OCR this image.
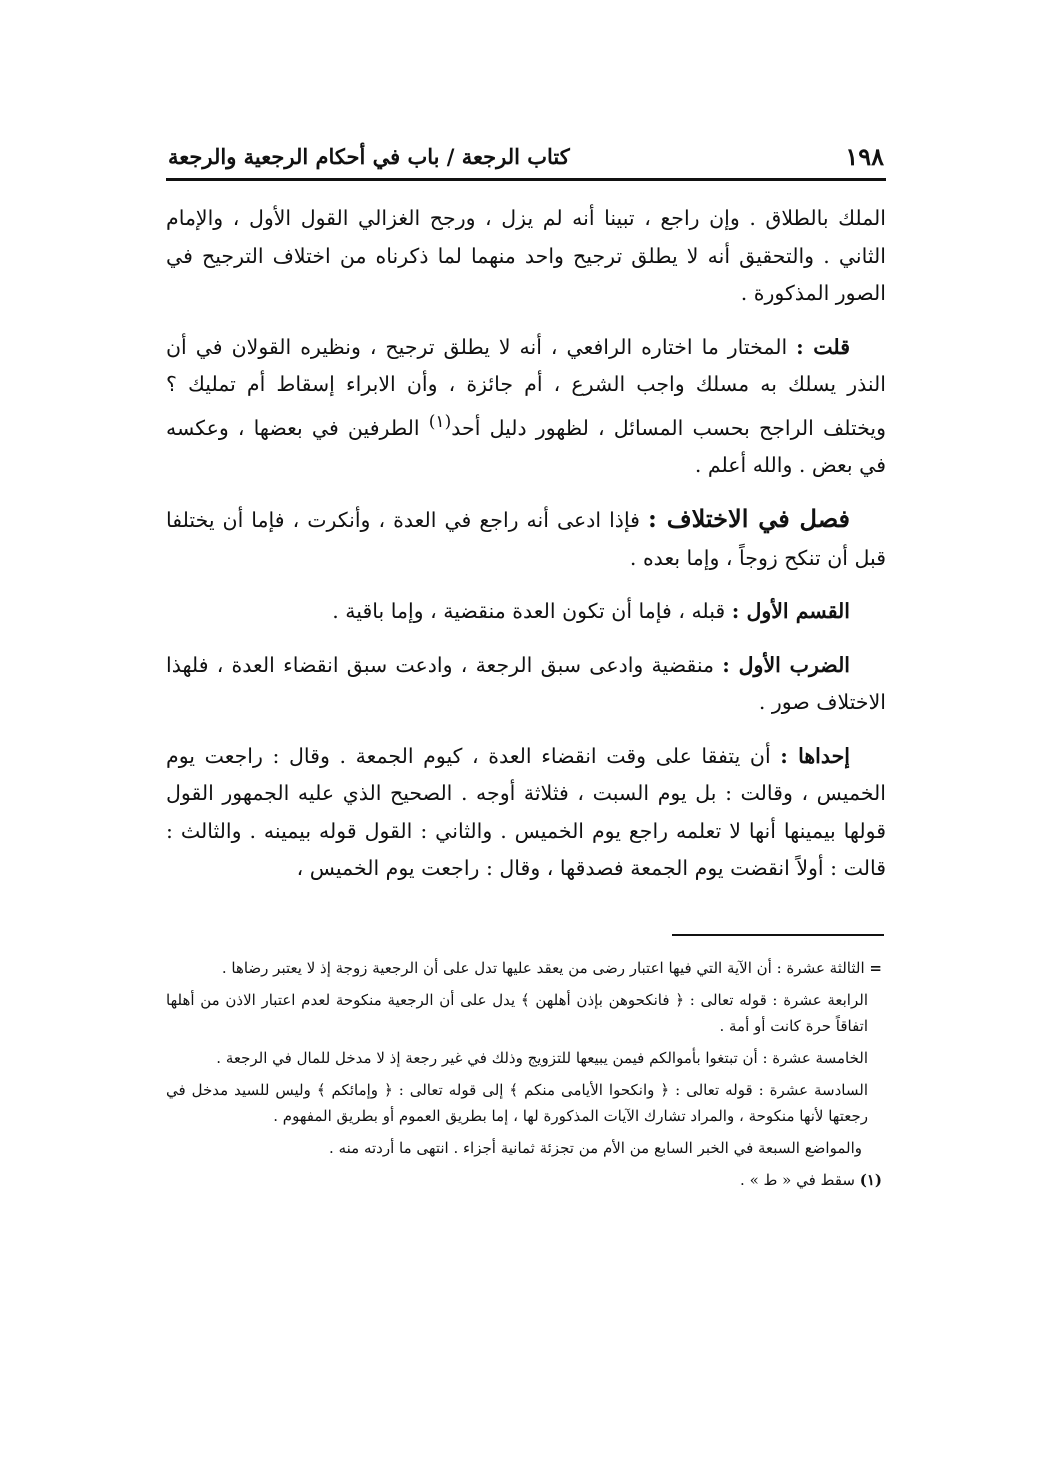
١٩٨
كتاب الرجعة / باب في أحكام الرجعية والرجعة

الملك بالطلاق . وإن راجع ، تبينا أنه لم يزل ، ورجح الغزالي القول الأول ، والإمام الثاني . والتحقيق أنه لا يطلق ترجيح واحد منهما لما ذكرناه من اختلاف الترجيح في الصور المذكورة .

قلت : المختار ما اختاره الرافعي ، أنه لا يطلق ترجيح ، ونظيره القولان في أن النذر يسلك به مسلك واجب الشرع ، أم جائزة ، وأن الابراء إسقاط أم تمليك ؟ ويختلف الراجح بحسب المسائل ، لظهور دليل أحد$^{(١)}$ الطرفين في بعضها ، وعكسه في بعض . والله أعلم .

فصل في الاختلاف : فإذا ادعى أنه راجع في العدة ، وأنكرت ، فإما أن يختلفا قبل أن تنكح زوجاً ، وإما بعده .

القسم الأول : قبله ، فإما أن تكون العدة منقضية ، وإما باقية .

الضرب الأول : منقضية وادعى سبق الرجعة ، وادعت سبق انقضاء العدة ، فلهذا الاختلاف صور .

إحداها : أن يتفقا على وقت انقضاء العدة ، كيوم الجمعة . وقال : راجعت يوم الخميس ، وقالت : بل يوم السبت ، فثلاثة أوجه . الصحيح الذي عليه الجمهور القول قولها بيمينها أنها لا تعلمه راجع يوم الخميس . والثاني : القول قوله بيمينه . والثالث : قالت : أولاً انقضت يوم الجمعة فصدقها ، وقال : راجعت يوم الخميس ،

= الثالثة عشرة : أن الآية التي فيها اعتبار رضى من يعقد عليها تدل على أن الرجعية زوجة إذ لا يعتبر رضاها .

الرابعة عشرة : قوله تعالى : ﴿ فانكحوهن بإذن أهلهن ﴾ يدل على أن الرجعية منكوحة لعدم اعتبار الاذن من أهلها اتفاقاً حرة كانت أو أمة .

الخامسة عشرة : أن تبتغوا بأموالكم فيمن يبيعها للتزويج وذلك في غير رجعة إذ لا مدخل للمال في الرجعة .

السادسة عشرة : قوله تعالى : ﴿ وانكحوا الأيامى منكم ﴾ إلى قوله تعالى : ﴿ وإمائكم ﴾ وليس للسيد مدخل في رجعتها لأنها منكوحة ، والمراد تشارك الآيات المذكورة لها ، إما بطريق العموم أو بطريق المفهوم .

والمواضع السبعة في الخبر السابع من الأم من تجزئة ثمانية أجزاء . انتهى ما أردته منه .

(١) سقط في « ط » .
